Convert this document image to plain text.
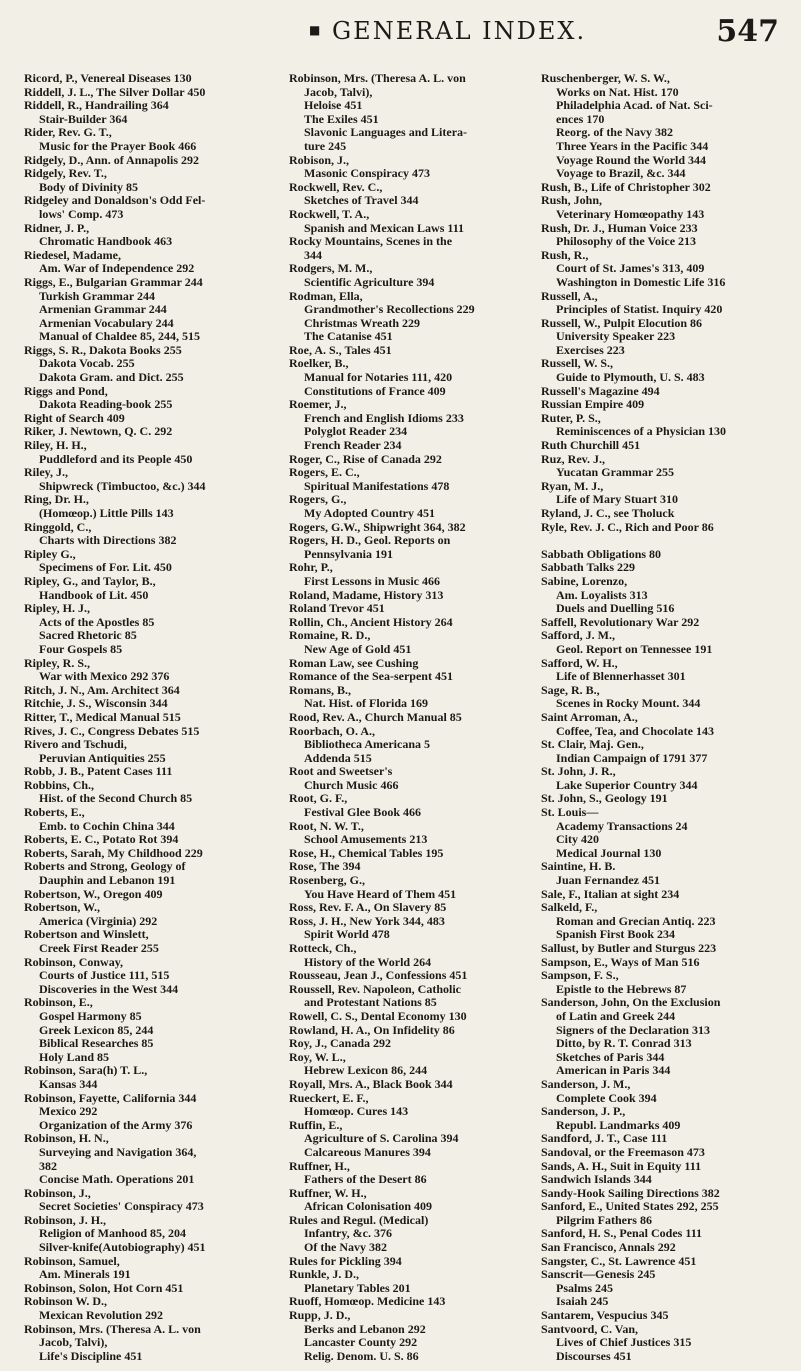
■ GENERAL INDEX.	547
Ricord, P., Venereal Diseases 130
Riddell, J. L., The Silver Dollar 450
Riddell, R., Handrailing 364
Stair-Builder 364
Rider, Rev. G. T.,
Music for the Prayer Book 466
Ridgely, D., Ann. of Annapolis 292
Ridgely, Rev. T.,
Body of Divinity 85
Ridgeley and Donaldson's Odd Fel-
lows' Comp. 473
Ridner, J. P.,
Chromatic Handbook 463
Riedesel, Madame,
Am. War of Independence 292
Riggs, E., Bulgarian Grammar 244
Turkish Grammar 244
Armenian Grammar 244
Armenian Vocabulary 244
Manual of Chaldee 85, 244, 515
Riggs, S. R., Dakota Books 255
Dakota Vocab. 255
Dakota Gram. and Dict. 255
Riggs and Pond,
Dakota Reading-book 255
Right of Search 409
Riker, J. Newtown, Q. C. 292
Riley, H. H.,
Puddleford and its People 450
Riley, J.,
Shipwreck (Timbuctoo, &c.) 344
Ring, Dr. H.,
(Homœop.) Little Pills 143
Ringgold, C.,
Charts with Directions 382
Ripley G.,
Specimens of For. Lit. 450
Ripley, G., and Taylor, B.,
Handbook of Lit. 450
Ripley, H. J.,
Acts of the Apostles 85
Sacred Rhetoric 85
Four Gospels 85
Ripley, R. S.,
War with Mexico 292 376
Ritch, J. N., Am. Architect 364
Ritchie, J. S., Wisconsin 344
Ritter, T., Medical Manual 515
Rives, J. C., Congress Debates 515
Rivero and Tschudi,
Peruvian Antiquities 255
Robb, J. B., Patent Cases 111
Robbins, Ch.,
Hist. of the Second Church 85
Roberts, E.,
Emb. to Cochin China 344
Roberts, E. C., Potato Rot 394
Roberts, Sarah, My Childhood 229
Roberts and Strong, Geology of
Dauphin and Lebanon 191
Robertson, W., Oregon 409
Robertson, W.,
America (Virginia) 292
Robertson and Winslett,
Creek First Reader 255
Robinson, Conway,
Courts of Justice 111, 515
Discoveries in the West 344
Robinson, E.,
Gospel Harmony 85
Greek Lexicon 85, 244
Biblical Researches 85
Holy Land 85
Robinson, Sara(h) T. L.,
Kansas 344
Robinson, Fayette, California 344
Mexico 292
Organization of the Army 376
Robinson, H. N.,
Surveying and Navigation 364,
382
Concise Math. Operations 201
Robinson, J.,
Secret Societies' Conspiracy 473
Robinson, J. H.,
Religion of Manhood 85, 204
Silver-knife(Autobiography) 451
Robinson, Samuel,
Am. Minerals 191
Robinson, Solon, Hot Corn 451
Robinson W. D.,
Mexican Revolution 292
Robinson, Mrs. (Theresa A. L. von
Jacob, Talvi),
Life's Discipline 451
Robinson, Mrs. (Theresa A. L. von
Jacob, Talvi),
Heloise 451
The Exiles 451
Slavonic Languages and Litera-
ture 245
Robison, J.,
Masonic Conspiracy 473
Rockwell, Rev. C.,
Sketches of Travel 344
Rockwell, T. A.,
Spanish and Mexican Laws 111
Rocky Mountains, Scenes in the
344
Rodgers, M. M.,
Scientific Agriculture 394
Rodman, Ella,
Grandmother's Recollections 229
Christmas Wreath 229
The Catanise 451
Roe, A. S., Tales 451
Roelker, B.,
Manual for Notaries 111, 420
Constitutions of France 409
Roemer, J.,
French and English Idioms 233
Polyglot Reader 234
French Reader 234
Roger, C., Rise of Canada 292
Rogers, E. C.,
Spiritual Manifestations 478
Rogers, G.,
My Adopted Country 451
Rogers, G.W., Shipwright 364, 382
Rogers, H. D., Geol. Reports on
Pennsylvania 191
Rohr, P.,
First Lessons in Music 466
Roland, Madame, History 313
Roland Trevor 451
Rollin, Ch., Ancient History 264
Romaine, R. D.,
New Age of Gold 451
Roman Law, see Cushing
Romance of the Sea-serpent 451
Romans, B.,
Nat. Hist. of Florida 169
Rood, Rev. A., Church Manual 85
Roorbach, O. A.,
Bibliotheca Americana 5
Addenda 515
Root and Sweetser's
Church Music 466
Root, G. F.,
Festival Glee Book 466
Root, N. W. T.,
School Amusements 213
Rose, H., Chemical Tables 195
Rose, The 394
Rosenberg, G.,
You Have Heard of Them 451
Ross, Rev. F. A., On Slavery 85
Ross, J. H., New York 344, 483
Spirit World 478
Rotteck, Ch.,
History of the World 264
Rousseau, Jean J., Confessions 451
Roussell, Rev. Napoleon, Catholic
and Protestant Nations 85
Rowell, C. S., Dental Economy 130
Rowland, H. A., On Infidelity 86
Roy, J., Canada 292
Roy, W. L.,
Hebrew Lexicon 86, 244
Royall, Mrs. A., Black Book 344
Rueckert, E. F.,
Homœop. Cures 143
Ruffin, E.,
Agriculture of S. Carolina 394
Calcareous Manures 394
Ruffner, H.,
Fathers of the Desert 86
Ruffner, W. H.,
African Colonisation 409
Rules and Regul. (Medical)
Infantry, &c. 376
Of the Navy 382
Rules for Pickling 394
Runkle, J. D.,
Planetary Tables 201
Ruoff, Homœop. Medicine 143
Rupp, J. D.,
Berks and Lebanon 292
Lancaster County 292
Relig. Denom. U. S. 86
Ruschenberger, W. S. W.,
Works on Nat. Hist. 170
Philadelphia Acad. of Nat. Sci-
ences 170
Reorg. of the Navy 382
Three Years in the Pacific 344
Voyage Round the World 344
Voyage to Brazil, &c. 344
Rush, B., Life of Christopher 302
Rush, John,
Veterinary Homœopathy 143
Rush, Dr. J., Human Voice 233
Philosophy of the Voice 213
Rush, R.,
Court of St. James's 313, 409
Washington in Domestic Life 316
Russell, A.,
Principles of Statist. Inquiry 420
Russell, W., Pulpit Elocution 86
University Speaker 223
Exercises 223
Russell, W. S.,
Guide to Plymouth, U. S. 483
Russell's Magazine 494
Russian Empire 409
Ruter, P. S.,
Reminiscences of a Physician 130
Ruth Churchill 451
Ruz, Rev. J.,
Yucatan Grammar 255
Ryan, M. J.,
Life of Mary Stuart 310
Ryland, J. C., see Tholuck
Ryle, Rev. J. C., Rich and Poor 86
Sabbath Obligations 80
Sabbath Talks 229
Sabine, Lorenzo,
Am. Loyalists 313
Duels and Duelling 516
Saffell, Revolutionary War 292
Safford, J. M.,
Geol. Report on Tennessee 191
Safford, W. H.,
Life of Blennerhasset 301
Sage, R. B.,
Scenes in Rocky Mount. 344
Saint Arroman, A.,
Coffee, Tea, and Chocolate 143
St. Clair, Maj. Gen.,
Indian Campaign of 1791 377
St. John, J. R.,
Lake Superior Country 344
St. John, S., Geology 191
St. Louis—
Academy Transactions 24
City 420
Medical Journal 130
Saintine, H. B.
Juan Fernandez 451
Sale, F., Italian at sight 234
Salkeld, F.,
Roman and Grecian Antiq. 223
Spanish First Book 234
Sallust, by Butler and Sturgus 223
Sampson, E., Ways of Man 516
Sampson, F. S.,
Epistle to the Hebrews 87
Sanderson, John, On the Exclusion
of Latin and Greek 244
Signers of the Declaration 313
Ditto, by R. T. Conrad 313
Sketches of Paris 344
American in Paris 344
Sanderson, J. M.,
Complete Cook 394
Sanderson, J. P.,
Republ. Landmarks 409
Sandford, J. T., Case 111
Sandoval, or the Freemason 473
Sands, A. H., Suit in Equity 111
Sandwich Islands 344
Sandy-Hook Sailing Directions 382
Sanford, E., United States 292, 255
Pilgrim Fathers 86
Sanford, H. S., Penal Codes 111
San Francisco, Annals 292
Sangster, C., St. Lawrence 451
Sanscrit—Genesis 245
Psalms 245
Isaiah 245
Santarem, Vespucius 345
Santvoord, C. Van,
Lives of Chief Justices 315
Discourses 451
